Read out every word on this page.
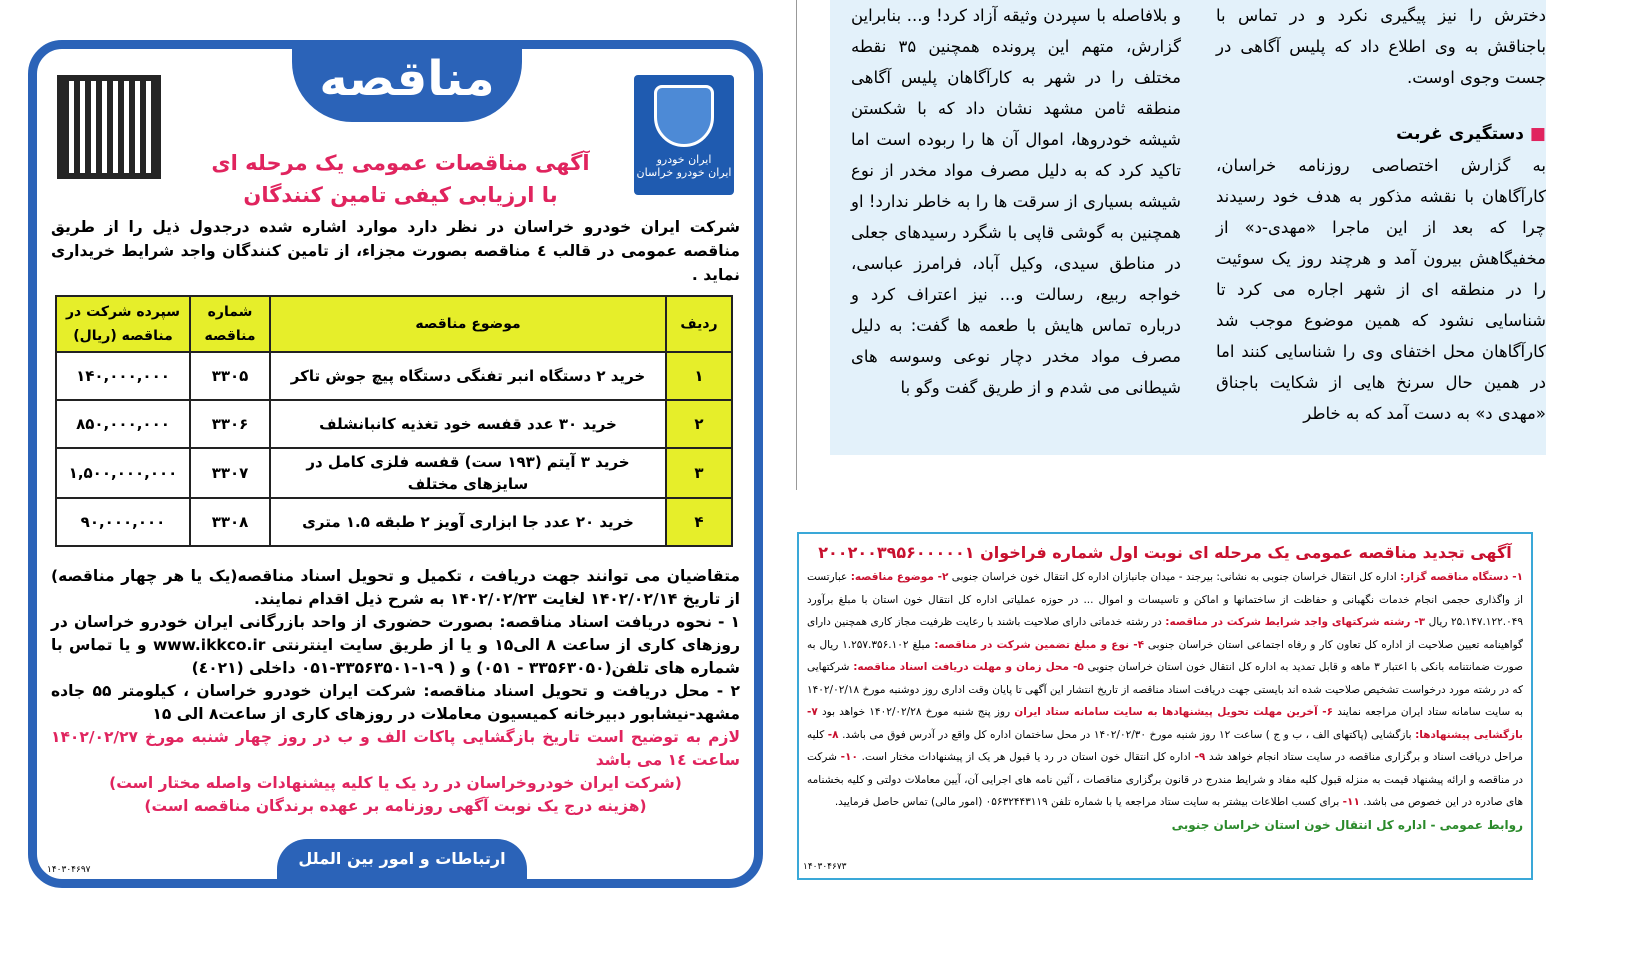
مناقصه
ایران خودرو
ایران خودرو خراسان
آگهی مناقصات عمومی یک مرحله ای
با ارزیابی کیفی تامین کنندگان
شرکت ایران خودرو خراسان در نظر دارد موارد اشاره شده درجدول ذیل را از طریق مناقصه عمومی در قالب ٤ مناقصه بصورت مجزاء، از تامین کنندگان واجد شرایط خریداری نماید .
ردیف	موضوع مناقصه	شماره مناقصه	سپرده شرکت در مناقصه (ریال)
۱	خرید ۲ دستگاه انبر تفنگی دستگاه پیچ جوش تاکر	۳۳۰۵	۱۴۰,۰۰۰,۰۰۰
۲	خرید ۳۰ عدد قفسه خود تغذیه کانبانشلف	۳۳۰۶	۸۵۰,۰۰۰,۰۰۰
۳	خرید ۳ آیتم (۱۹۳ ست) قفسه فلزی کامل در سایزهای مختلف	۳۳۰۷	۱,۵۰۰,۰۰۰,۰۰۰
۴	خرید ۲۰ عدد جا ابزاری آویز ۲ طبقه ۱.۵ متری	۳۳۰۸	۹۰,۰۰۰,۰۰۰
متقاضیان می توانند جهت دریافت ، تکمیل و تحویل اسناد مناقصه(یک یا هر چهار مناقصه) از تاریخ ۱۴۰۲/۰۲/۱۴ لغایت ۱۴۰۲/۰۲/۲۳ به شرح ذیل اقدام نمایند.
۱ - نحوه دریافت اسناد مناقصه: بصورت حضوری از واحد بازرگانی ایران خودرو خراسان در روزهای کاری از ساعت ۸ الی۱۵ و یا از طریق سایت اینترنتی www.ikkco.ir و یا تماس با شماره های تلفن(۳۳۵۶۳۰۵۰ - ۰۵۱) و ( ۹-۱-۳۳۵۶۳۵۰۱-۰۵۱ داخلی (٤۰۲۱)
۲ - محل دریافت و تحویل اسناد مناقصه: شرکت ایران خودرو خراسان ، کیلومتر ۵۵ جاده مشهد-نیشابور دبیرخانه کمیسیون معاملات در روزهای کاری از ساعت۸ الی ۱۵
لازم به توضیح است تاریخ بازگشایی پاکات الف و ب در روز چهار شنبه مورخ ۱۴۰۲/۰۲/۲۷ ساعت ١٤ می باشد
(شرکت ایران خودروخراسان در رد یک یا کلیه پیشنهادات واصله مختار است)
(هزینه درج یک نوبت آگهی روزنامه بر عهده برندگان مناقصه است)
ارتباطات و امور بین الملل
۱۴۰۳۰۴۶۹۷
دخترش را نیز پیگیری نکرد و در تماس با باجناقش به وی اطلاع داد که پلیس آگاهی در جست وجوی اوست.
■ دستگیری غربت
به گزارش اختصاصی روزنامه خراسان، کارآگاهان با نقشه مذکور به هدف خود رسیدند چرا که بعد از این ماجرا «مهدی-د» از مخفیگاهش بیرون آمد و هرچند روز یک سوئیت را در منطقه ای از شهر اجاره می کرد تا شناسایی نشود که همین موضوع موجب شد کارآگاهان محل اختفای وی را شناسایی کنند اما در همین حال سرنخ هایی از شکایت باجناق «مهدی د» به دست آمد که به خاطر
و بلافاصله با سپردن وثیقه آزاد کرد! و... بنابراین گزارش، متهم این پرونده همچنین ۳۵ نقطه مختلف را در شهر به کارآگاهان پلیس آگاهی منطقه ثامن مشهد نشان داد که با شکستن شیشه خودروها، اموال آن ها را ربوده است اما تاکید کرد که به دلیل مصرف مواد مخدر از نوع شیشه بسیاری از سرقت ها را به خاطر ندارد! او همچنین به گوشی قاپی با شگرد رسیدهای جعلی در مناطق سیدی، وکیل آباد، فرامرز عباسی، خواجه ربیع، رسالت و... نیز اعتراف کرد و درباره تماس هایش با طعمه ها گفت: به دلیل مصرف مواد مخدر دچار نوعی وسوسه های شیطانی می شدم و از طریق گفت وگو با
آگهی تجدید مناقصه عمومی یک مرحله ای نوبت اول شماره فراخوان ۲۰۰۲۰۰۳۹۵۶۰۰۰۰۰۱
۱- دستگاه مناقصه گزار: اداره کل انتقال خراسان جنوبی به نشانی: بیرجند - میدان جانبازان اداره کل انتقال خون خراسان جنوبی ۲- موضوع مناقصه: عبارتست از واگذاری حجمی انجام خدمات نگهبانی و حفاظت از ساختمانها و اماکن و تاسیسات و اموال ... در حوزه عملیاتی اداره کل انتقال خون استان با مبلغ برآورد ۲۵.۱۴۷.۱۲۲.۰۴۹ ریال ۳- رشته شرکتهای واجد شرایط شرکت در مناقصه: در رشته خدماتی دارای صلاحیت باشند با رعایت ظرفیت مجاز کاری همچنین دارای گواهینامه تعیین صلاحیت از اداره کل تعاون کار و رفاه اجتماعی استان خراسان جنوبی ۴- نوع و مبلغ تضمین شرکت در مناقصه: مبلغ ۱.۲۵۷.۳۵۶.۱۰۲ ریال به صورت ضمانتنامه بانکی با اعتبار ۳ ماهه و قابل تمدید به اداره کل انتقال خون استان خراسان جنوبی ۵- محل زمان و مهلت دریافت اسناد مناقصه: شرکتهایی که در رشته مورد درخواست تشخیص صلاحیت شده اند بایستی جهت دریافت اسناد مناقصه از تاریخ انتشار این آگهی تا پایان وقت اداری روز دوشنبه مورخ ۱۴۰۲/۰۲/۱۸ به سایت سامانه ستاد ایران مراجعه نمایند ۶- آخرین مهلت تحویل پیشنهادها به سایت سامانه ستاد ایران روز پنج شنبه مورخ ۱۴۰۲/۰۲/۲۸ خواهد بود ۷- بازگشایی پیشنهادها: بازگشایی (پاکتهای الف ، ب و ج ) ساعت ۱۲ روز شنبه مورخ ۱۴۰۲/۰۲/۳۰ در محل ساختمان اداره کل واقع در آدرس فوق می باشد. ۸- کلیه مراحل دریافت اسناد و برگزاری مناقصه در سایت ستاد انجام خواهد شد ۹- اداره کل انتقال خون استان در رد یا قبول هر یک از پیشنهادات مختار است. ۱۰- شرکت در مناقصه و ارائه پیشنهاد قیمت به منزله قبول کلیه مفاد و شرایط مندرج در قانون برگزاری مناقصات ، آئین نامه های اجرایی آن، آیین معاملات دولتی و کلیه بخشنامه های صادره در این خصوص می باشد. ۱۱- برای کسب اطلاعات بیشتر به سایت ستاد مراجعه یا با شماره تلفن ۰۵۶۳۲۴۴۳۱۱۹ (امور مالی) تماس حاصل فرمایید.
روابط عمومی - اداره کل انتقال خون استان خراسان جنوبی
۱۴۰۳۰۴۶۷۳
